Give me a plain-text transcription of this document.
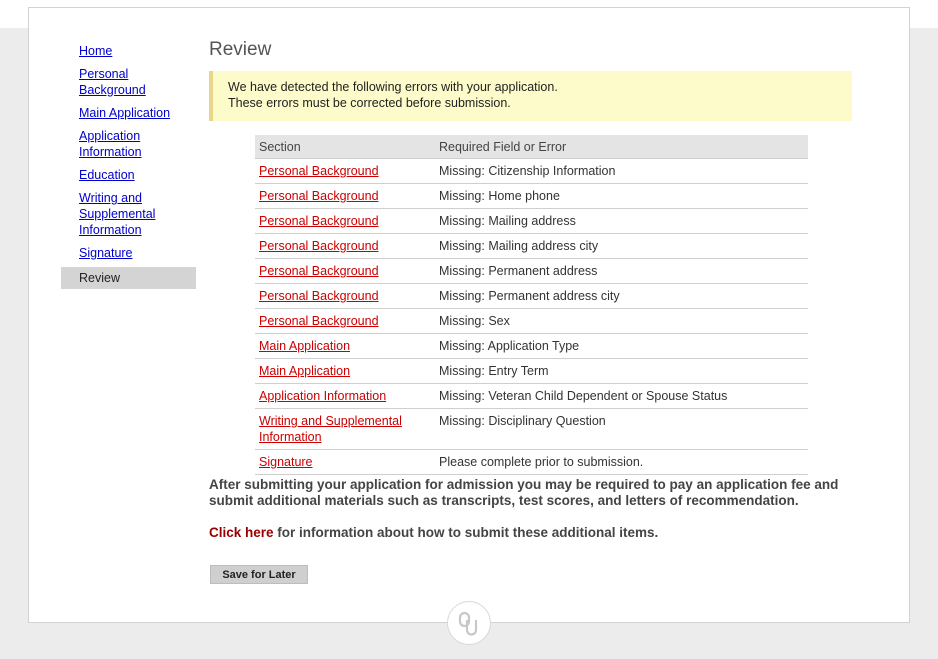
Home
Personal Background
Main Application
Application Information
Education
Writing and Supplemental Information
Signature
Review
Review
We have detected the following errors with your application.
These errors must be corrected before submission.
Section	Required Field or Error
Personal Background	Missing: Citizenship Information
Personal Background	Missing: Home phone
Personal Background	Missing: Mailing address
Personal Background	Missing: Mailing address city
Personal Background	Missing: Permanent address
Personal Background	Missing: Permanent address city
Personal Background	Missing: Sex
Main Application	Missing: Application Type
Main Application	Missing: Entry Term
Application Information	Missing: Veteran Child Dependent or Spouse Status
Writing and Supplemental Information	Missing: Disciplinary Question
Signature	Please complete prior to submission.

After submitting your application for admission you may be required to pay an application fee and submit additional materials such as transcripts, test scores, and letters of recommendation.

Click here for information about how to submit these additional items.

Save for Later
